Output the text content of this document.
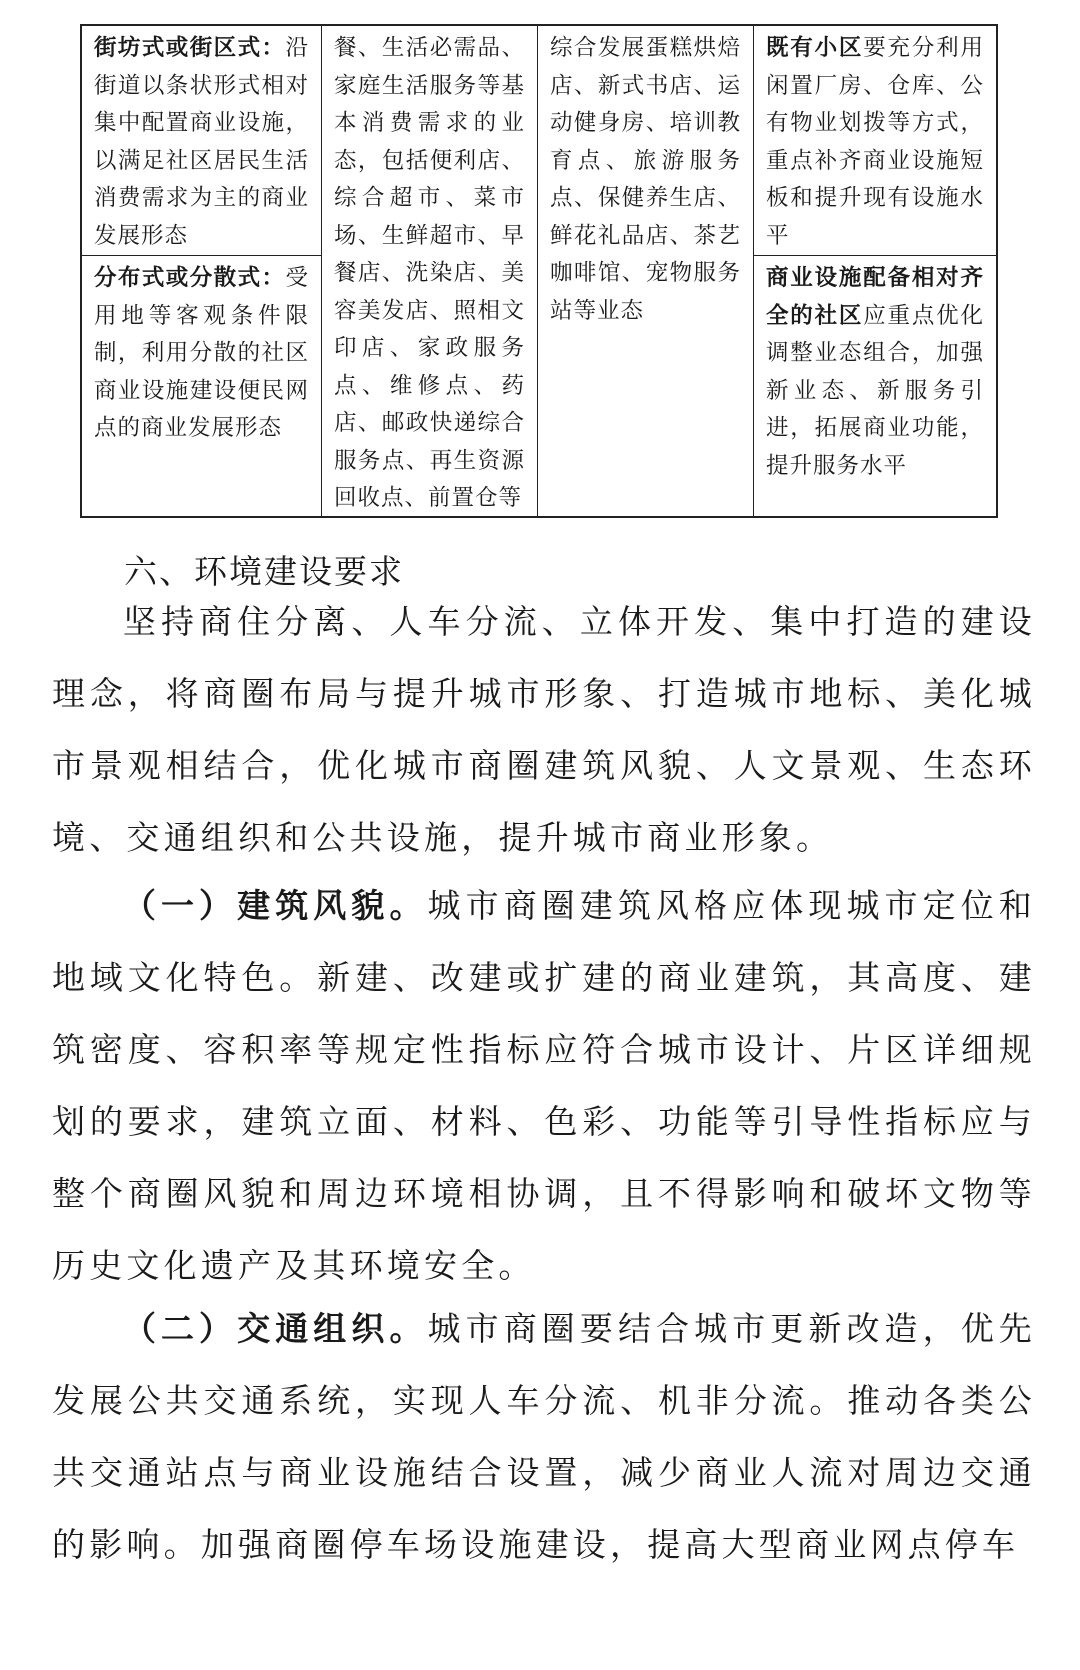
街坊式或街区式：沿街道以条状形式相对集中配置商业设施，以满足社区居民生活消费需求为主的商业发展形态
分布式或分散式：受用地等客观条件限制，利用分散的社区商业设施建设便民网点的商业发展形态
餐、生活必需品、家庭生活服务等基本消费需求的业态，包括便利店、综合超市、菜市场、生鲜超市、早餐店、洗染店、美容美发店、照相文印店、家政服务点、维修点、药店、邮政快递综合服务点、再生资源回收点、前置仓等
综合发展蛋糕烘焙店、新式书店、运动健身房、培训教育点、旅游服务点、保健养生店、鲜花礼品店、茶艺咖啡馆、宠物服务站等业态
既有小区要充分利用闲置厂房、仓库、公有物业划拨等方式，重点补齐商业设施短板和提升现有设施水平
商业设施配备相对齐全的社区应重点优化调整业态组合，加强新业态、新服务引进，拓展商业功能，提升服务水平
六、环境建设要求

坚持商住分离、人车分流、立体开发、集中打造的建设理念，将商圈布局与提升城市形象、打造城市地标、美化城市景观相结合，优化城市商圈建筑风貌、人文景观、生态环境、交通组织和公共设施，提升城市商业形象。

（一）建筑风貌。城市商圈建筑风格应体现城市定位和地域文化特色。新建、改建或扩建的商业建筑，其高度、建筑密度、容积率等规定性指标应符合城市设计、片区详细规划的要求，建筑立面、材料、色彩、功能等引导性指标应与整个商圈风貌和周边环境相协调，且不得影响和破坏文物等历史文化遗产及其环境安全。

（二）交通组织。城市商圈要结合城市更新改造，优先发展公共交通系统，实现人车分流、机非分流。推动各类公共交通站点与商业设施结合设置，减少商业人流对周边交通的影响。加强商圈停车场设施建设，提高大型商业网点停车
